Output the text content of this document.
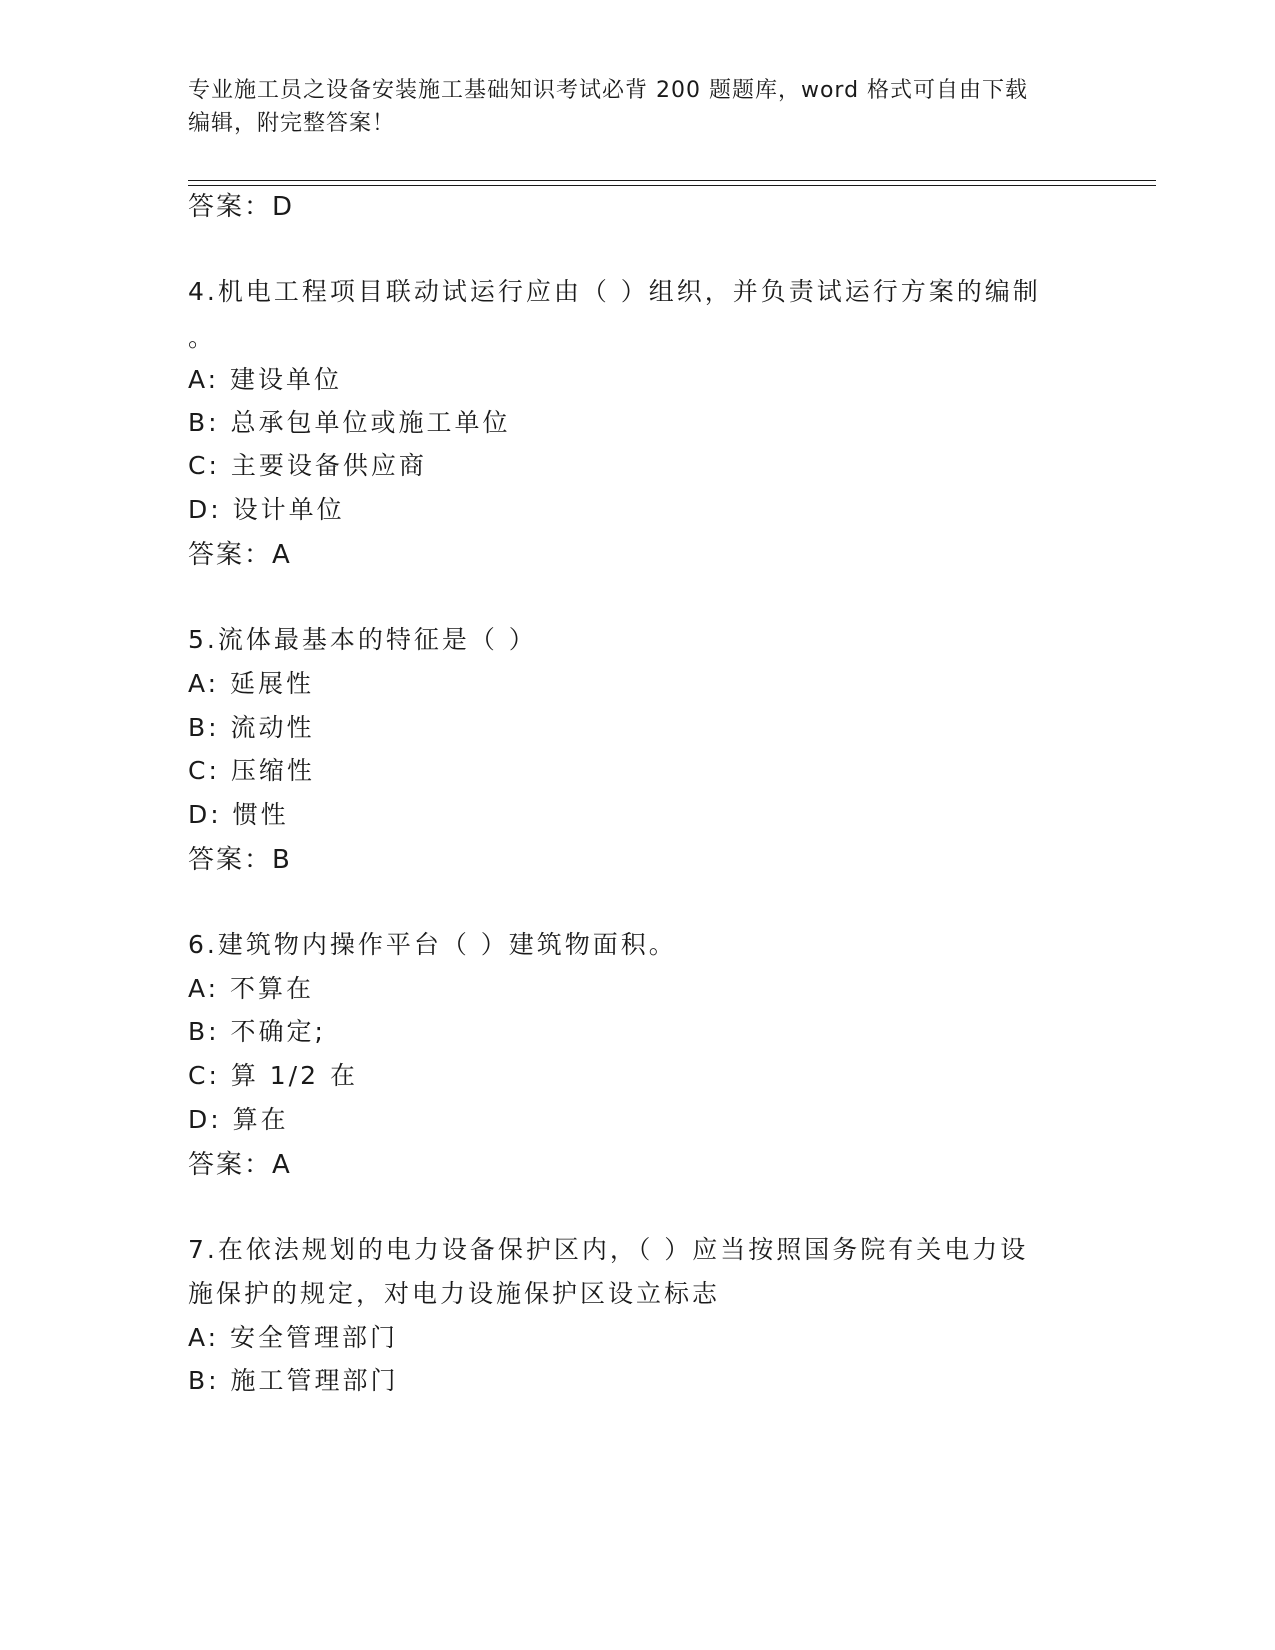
专业施工员之设备安装施工基础知识考试必背 200 题题库，word 格式可自由下载
编辑，附完整答案！
答案：D
4.机电工程项目联动试运行应由（ ）组织，并负责试运行方案的编制
。
A: 建设单位
B: 总承包单位或施工单位
C: 主要设备供应商
D: 设计单位
答案：A
5.流体最基本的特征是（ ）
A: 延展性
B: 流动性
C: 压缩性
D: 惯性
答案：B
6.建筑物内操作平台（ ）建筑物面积。
A: 不算在
B: 不确定;
C: 算 1/2 在
D: 算在
答案：A
7.在依法规划的电力设备保护区内，（ ）应当按照国务院有关电力设
施保护的规定，对电力设施保护区设立标志
A: 安全管理部门
B: 施工管理部门
